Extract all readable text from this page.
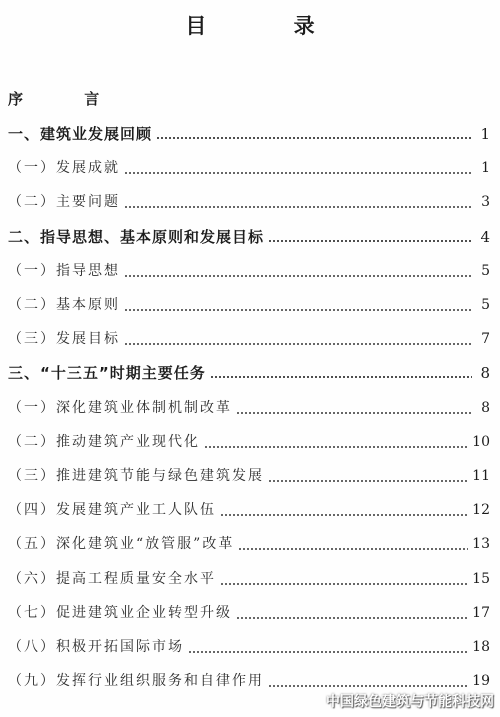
目 录
序 言
一、建筑业发展回顾	1
（一）发展成就	1
（二）主要问题	3
二、指导思想、基本原则和发展目标	4
（一）指导思想	5
（二）基本原则	5
（三）发展目标	7
三、“十三五”时期主要任务	8
（一）深化建筑业体制机制改革	8
（二）推动建筑产业现代化	10
（三）推进建筑节能与绿色建筑发展	11
（四）发展建筑产业工人队伍	12
（五）深化建筑业“放管服”改革	13
（六）提高工程质量安全水平	15
（七）促进建筑业企业转型升级	17
（八）积极开拓国际市场	18
（九）发挥行业组织服务和自律作用	19
中国绿色建筑与节能科技网
